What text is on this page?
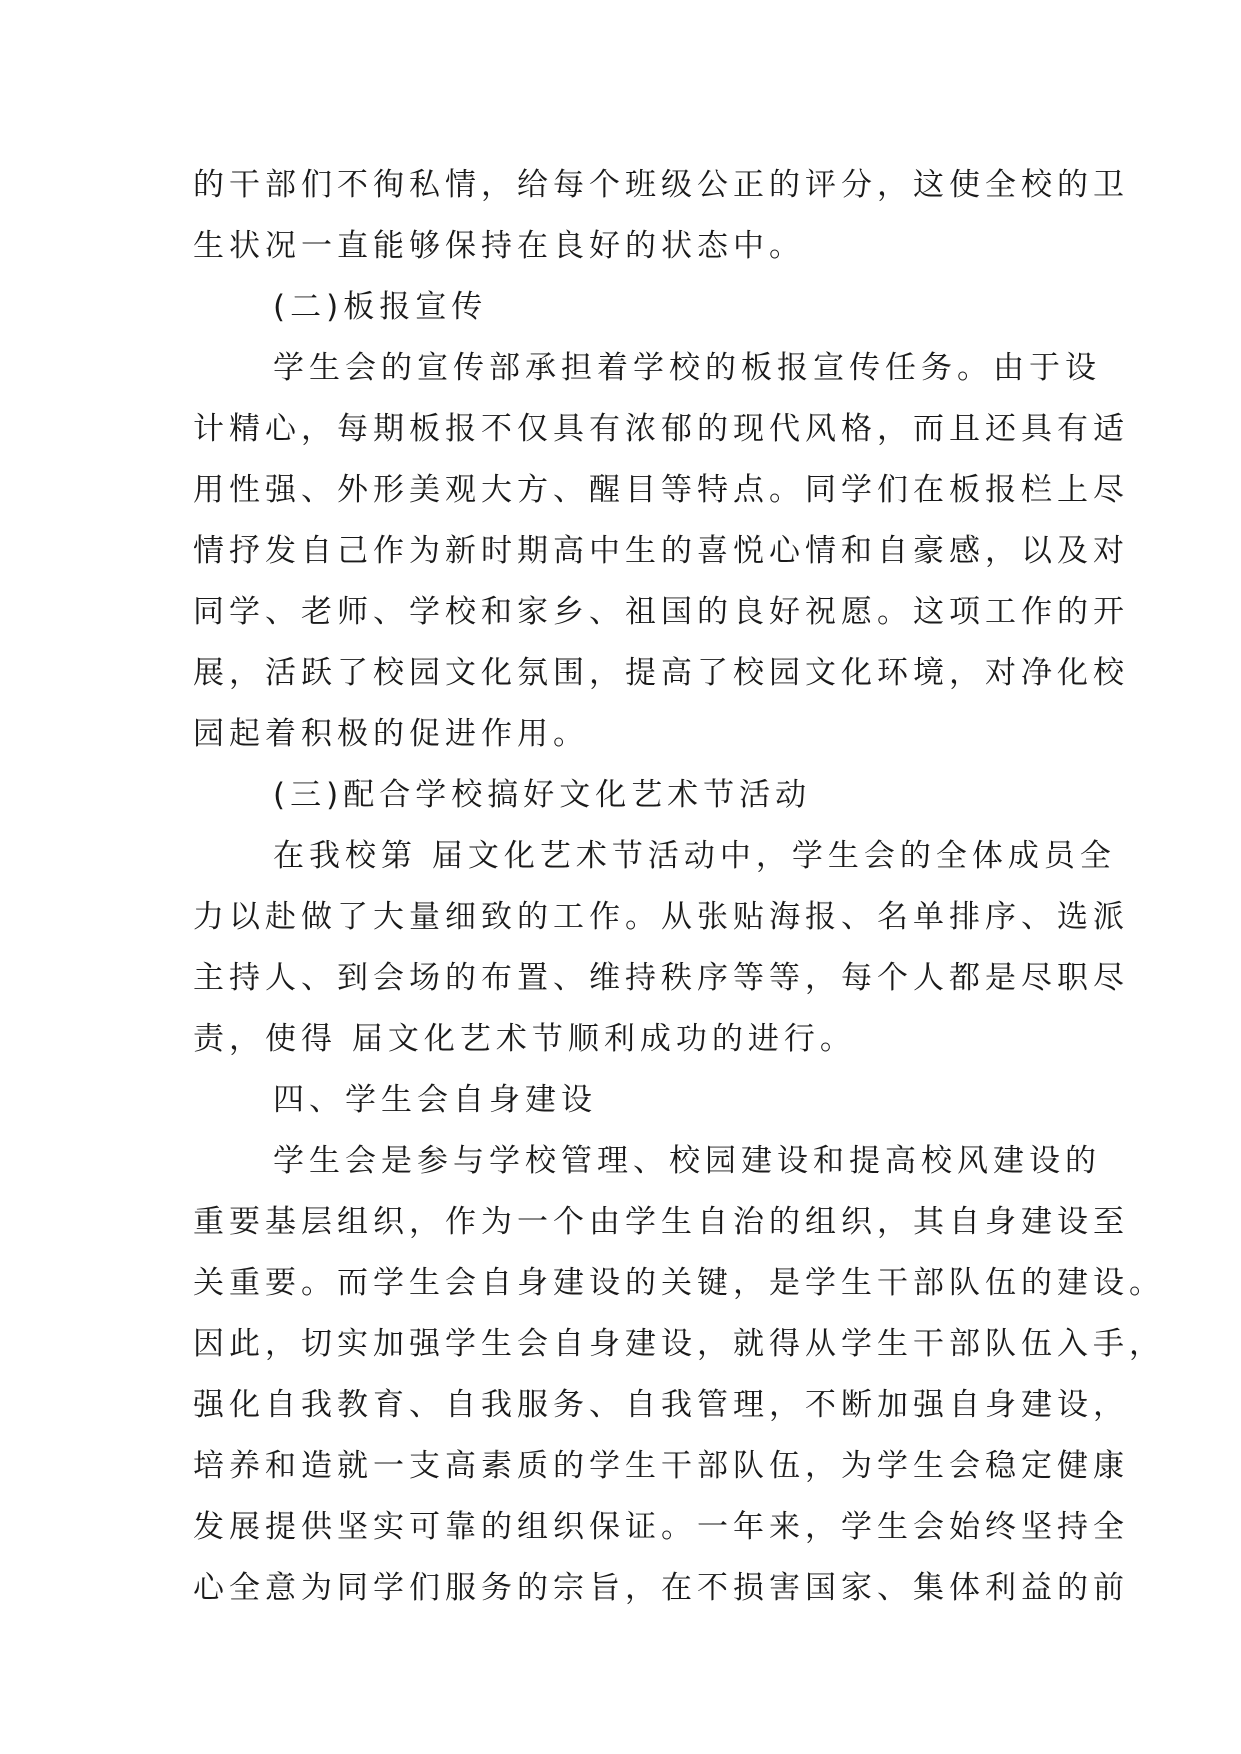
的干部们不徇私情，给每个班级公正的评分，这使全校的卫
生状况一直能够保持在良好的状态中。
(二)板报宣传
学生会的宣传部承担着学校的板报宣传任务。由于设
计精心，每期板报不仅具有浓郁的现代风格，而且还具有适
用性强、外形美观大方、醒目等特点。同学们在板报栏上尽
情抒发自己作为新时期高中生的喜悦心情和自豪感，以及对
同学、老师、学校和家乡、祖国的良好祝愿。这项工作的开
展，活跃了校园文化氛围，提高了校园文化环境，对净化校
园起着积极的促进作用。
(三)配合学校搞好文化艺术节活动
在我校第 届文化艺术节活动中，学生会的全体成员全
力以赴做了大量细致的工作。从张贴海报、名单排序、选派
主持人、到会场的布置、维持秩序等等，每个人都是尽职尽
责，使得 届文化艺术节顺利成功的进行。
四、学生会自身建设
学生会是参与学校管理、校园建设和提高校风建设的
重要基层组织，作为一个由学生自治的组织，其自身建设至
关重要。而学生会自身建设的关键，是学生干部队伍的建设。
因此，切实加强学生会自身建设，就得从学生干部队伍入手，
强化自我教育、自我服务、自我管理，不断加强自身建设，
培养和造就一支高素质的学生干部队伍，为学生会稳定健康
发展提供坚实可靠的组织保证。一年来，学生会始终坚持全
心全意为同学们服务的宗旨，在不损害国家、集体利益的前
